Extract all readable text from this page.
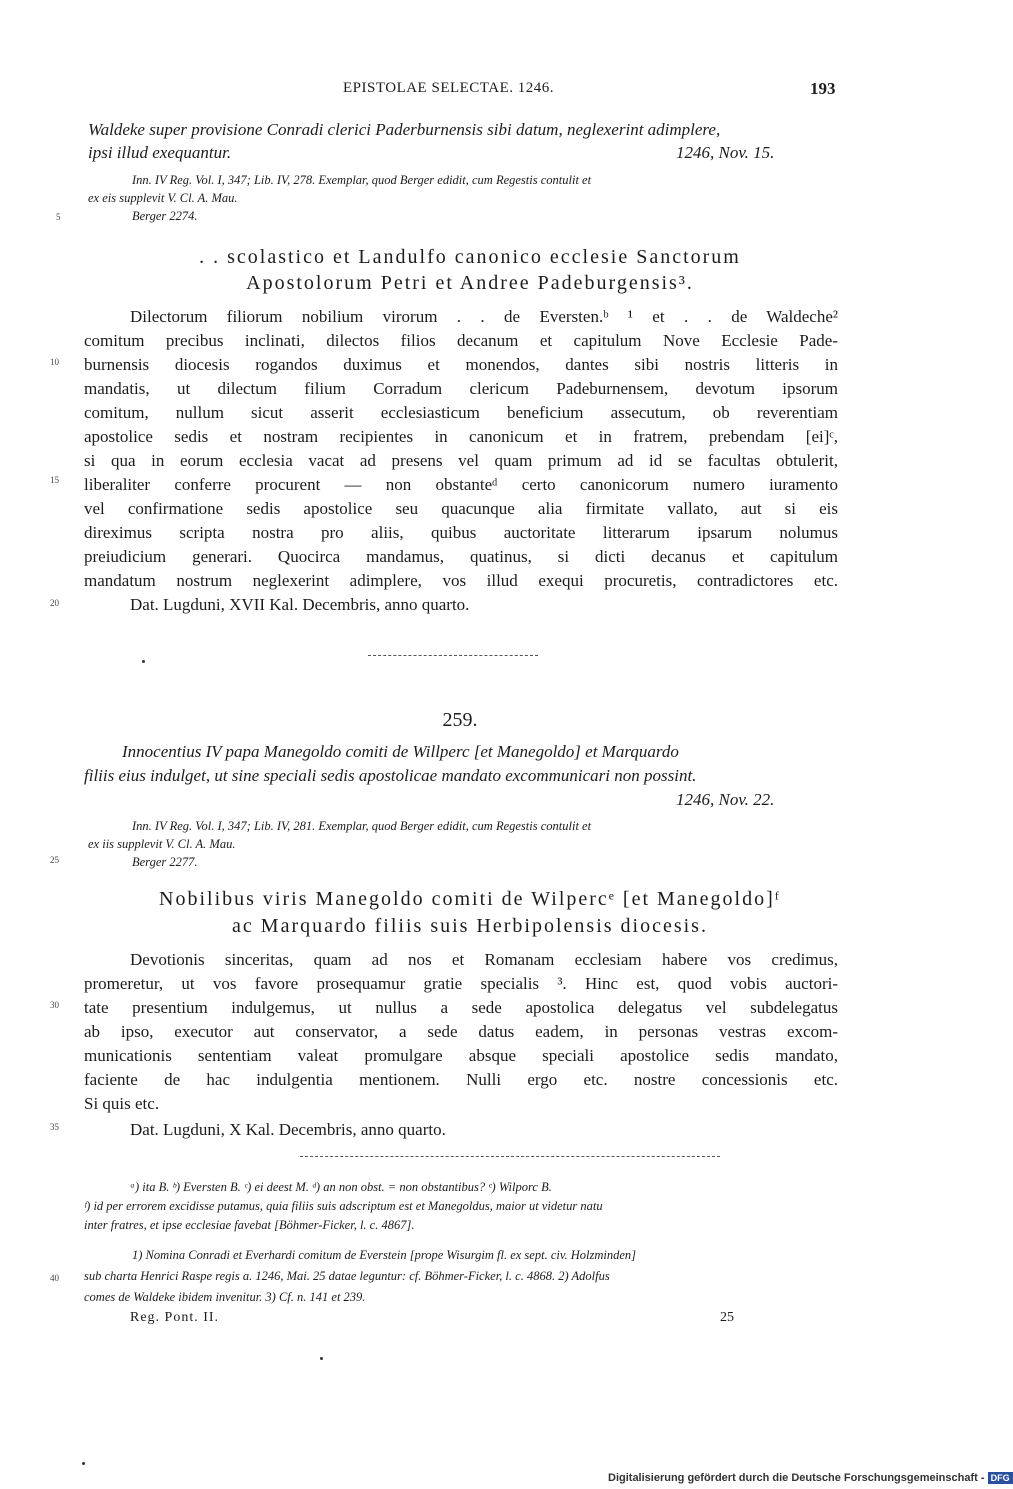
EPISTOLAE SELECTAE. 1246.	193
Waldeke super provisione Conradi clerici Paderburnensis sibi datum, neglexerint adimplere,
ipsi illud exequantur.	1246, Nov. 15.
Inn. IV Reg. Vol. I, 347; Lib. IV, 278. Exemplar, quod Berger edidit, cum Regestis contulit et
ex eis supplevit V. Cl. A. Mau.
Berger 2274.
. . scolastico et Landulfo canonico ecclesie Sanctorum
Apostolorum Petri et Andree Padeburgensis³.
Dilectorum filiorum nobilium virorum . . de Eversten.ᵇ ¹ et . . de Waldeche²
comitum precibus inclinati, dilectos filios decanum et capitulum Nove Ecclesie Pade-
burnensis diocesis rogandos duximus et monendos, dantes sibi nostris litteris in
mandatis, ut dilectum filium Corradum clericum Padeburnensem, devotum ipsorum
comitum, nullum sicut asserit ecclesiasticum beneficium assecutum, ob reverentiam
apostolice sedis et nostram recipientes in canonicum et in fratrem, prebendam [ei]ᶜ,
si qua in eorum ecclesia vacat ad presens vel quam primum ad id se facultas obtulerit,
liberaliter conferre procurent — non obstanteᵈ certo canonicorum numero iuramento
vel confirmatione sedis apostolice seu quacunque alia firmitate vallato, aut si eis
direximus scripta nostra pro aliis, quibus auctoritate litterarum ipsarum nolumus
preiudicium generari. Quocirca mandamus, quatinus, si dicti decanus et capitulum
mandatum nostrum neglexerint adimplere, vos illud exequi procuretis, contradictores etc.
Dat. Lugduni, XVII Kal. Decembris, anno quarto.
259.
Innocentius IV papa Manegoldo comiti de Willperc [et Manegoldo] et Marquardo
filiis eius indulget, ut sine speciali sedis apostolicae mandato excommunicari non possint.
1246, Nov. 22.
Inn. IV Reg. Vol. I, 347; Lib. IV, 281. Exemplar, quod Berger edidit, cum Regestis contulit et
ex iis supplevit V. Cl. A. Mau.
Berger 2277.
Nobilibus viris Manegoldo comiti de Wilpercᵉ [et Manegoldo]ᶠ
ac Marquardo filiis suis Herbipolensis diocesis.
Devotionis sinceritas, quam ad nos et Romanam ecclesiam habere vos credimus,
promeretur, ut vos favore prosequamur gratie specialis ³. Hinc est, quod vobis auctori-
tate presentium indulgemus, ut nullus a sede apostolica delegatus vel subdelegatus
ab ipso, executor aut conservator, a sede datus eadem, in personas vestras excom-
municationis sententiam valeat promulgare absque speciali apostolice sedis mandato,
faciente de hac indulgentia mentionem. Nulli ergo etc. nostre concessionis etc.
Si quis etc.
Dat. Lugduni, X Kal. Decembris, anno quarto.
5
10
15
20
25
30
35
40
ᵃ) ita B. ᵇ) Eversten B. ᶜ) ei deest M. ᵈ) an non obst. = non obstantibus? ᵉ) Wilporc B.
ᶠ) id per errorem excidisse putamus, quia filiis suis adscriptum est et Manegoldus, maior ut videtur natu
inter fratres, et ipse ecclesiae favebat [Böhmer-Ficker, l. c. 4867].
1) Nomina Conradi et Everhardi comitum de Everstein [prope Wisurgim fl. ex sept. civ. Holzminden]
sub charta Henrici Raspe regis a. 1246, Mai. 25 datae leguntur: cf. Böhmer-Ficker, l. c. 4868. 2) Adolfus
comes de Waldeke ibidem invenitur. 3) Cf. n. 141 et 239.
Reg. Pont. II.	25
Digitalisierung gefördert durch die Deutsche Forschungsgemeinschaft - DFG
